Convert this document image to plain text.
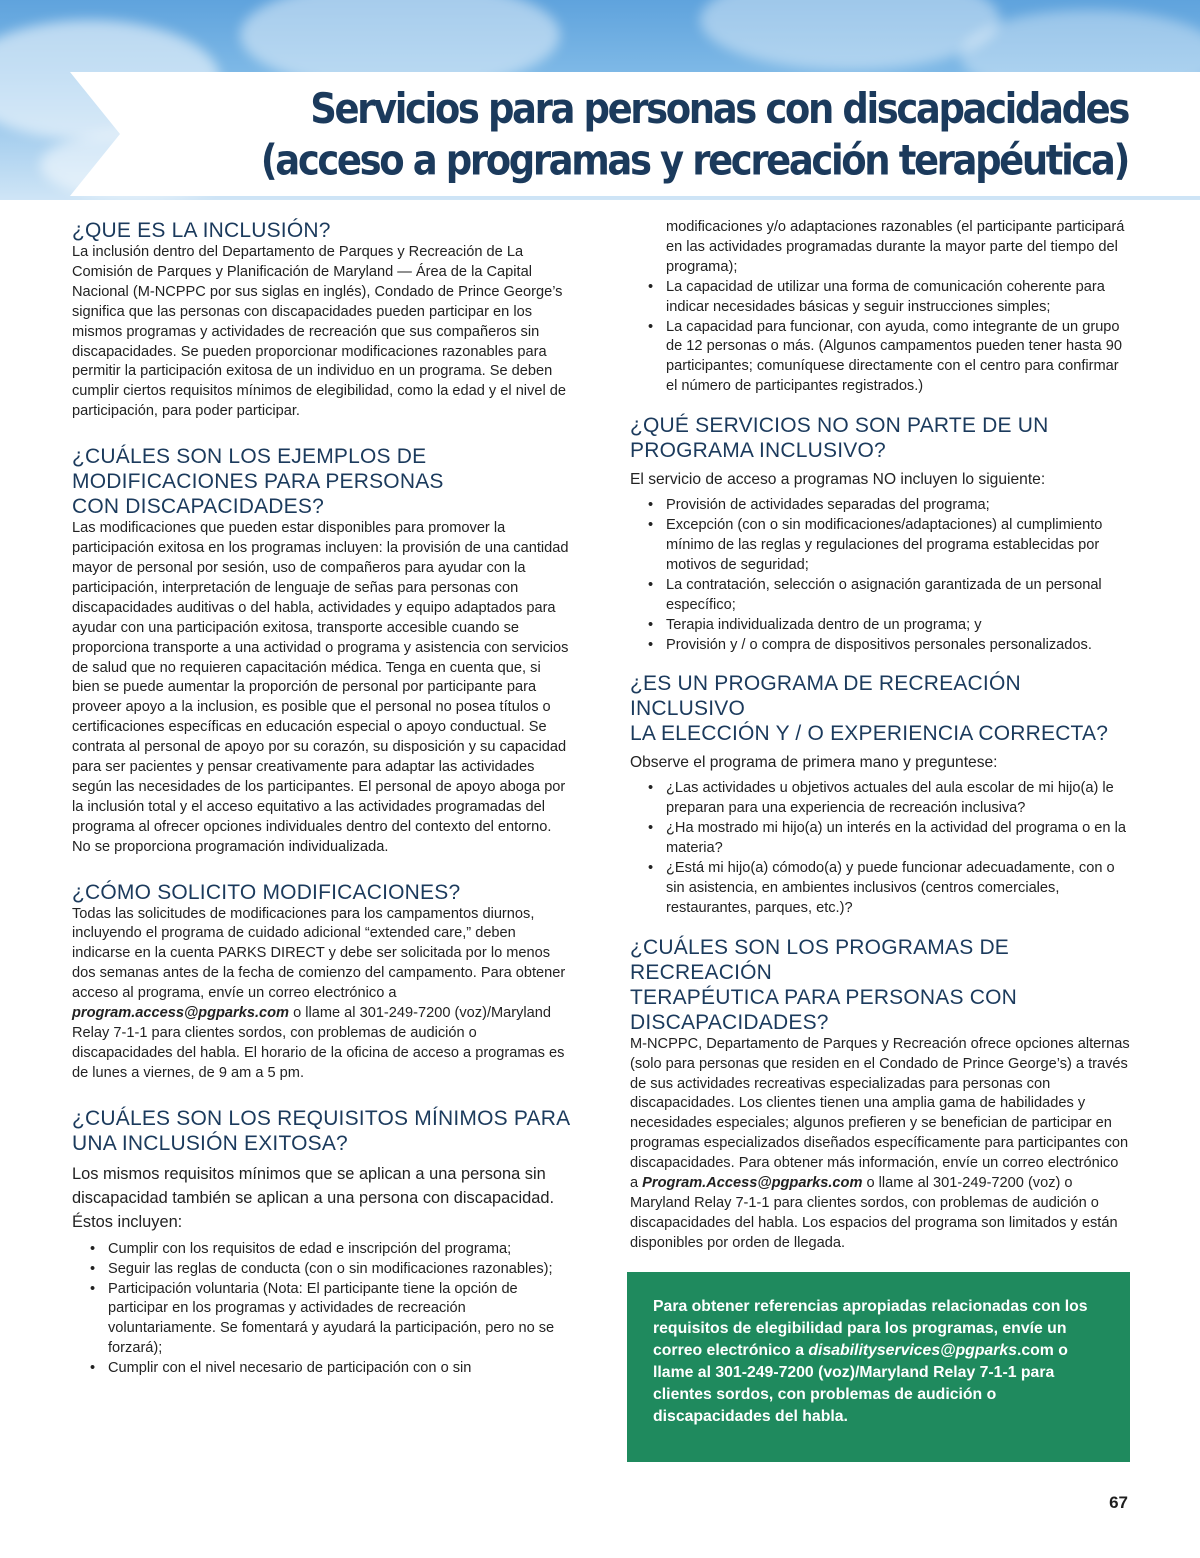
Servicios para personas con discapacidades
(acceso a programas y recreación terapéutica)
¿QUE ES LA INCLUSIÓN?

La inclusión dentro del Departamento de Parques y Recreación de La Comisión de Parques y Planificación de Maryland — Área de la Capital Nacional (M-NCPPC por sus siglas en inglés), Condado de Prince George’s significa que las personas con discapacidades pueden participar en los mismos programas y actividades de recreación que sus compañeros sin discapacidades. Se pueden proporcionar modificaciones razonables para permitir la participación exitosa de un individuo en un programa. Se deben cumplir ciertos requisitos mínimos de elegibilidad, como la edad y el nivel de participación, para poder participar.

¿CUÁLES SON LOS EJEMPLOS DE
MODIFICACIONES PARA PERSONAS
CON DISCAPACIDADES?

Las modificaciones que pueden estar disponibles para promover la participación exitosa en los programas incluyen: la provisión de una cantidad mayor de personal por sesión, uso de compañeros para ayudar con la participación, interpretación de lenguaje de señas para personas con discapacidades auditivas o del habla, actividades y equipo adaptados para ayudar con una participación exitosa, transporte accesible cuando se proporciona transporte a una actividad o programa y asistencia con servicios de salud que no requieren capacitación médica. Tenga en cuenta que, si bien se puede aumentar la proporción de personal por participante para proveer apoyo a la inclusion, es posible que el personal no posea títulos o certificaciones específicas en educación especial o apoyo conductual. Se contrata al personal de apoyo por su corazón, su disposición y su capacidad para ser pacientes y pensar creativamente para adaptar las actividades según las necesidades de los participantes. El personal de apoyo aboga por la inclusión total y el acceso equitativo a las actividades programadas del programa al ofrecer opciones individuales dentro del contexto del entorno. No se proporciona programación individualizada.

¿CÓMO SOLICITO MODIFICACIONES?

Todas las solicitudes de modificaciones para los campamentos diurnos, incluyendo el programa de cuidado adicional “extended care,” deben indicarse en la cuenta PARKS DIRECT y debe ser solicitada por lo menos dos semanas antes de la fecha de comienzo del campamento. Para obtener acceso al programa, envíe un correo electrónico a program.access@pgparks.com o llame al 301-249-7200 (voz)/Maryland Relay 7-1-1 para clientes sordos, con problemas de audición o discapacidades del habla. El horario de la oficina de acceso a programas es de lunes a viernes, de 9 am a 5 pm.

¿CUÁLES SON LOS REQUISITOS MÍNIMOS PARA
UNA INCLUSIÓN EXITOSA?

Los mismos requisitos mínimos que se aplican a una persona sin discapacidad también se aplican a una persona con discapacidad. Éstos incluyen:

• Cumplir con los requisitos de edad e inscripción del programa;
• Seguir las reglas de conducta (con o sin modificaciones razonables);
• Participación voluntaria (Nota: El participante tiene la opción de participar en los programas y actividades de recreación voluntariamente. Se fomentará y ayudará la participación, pero no se forzará);
• Cumplir con el nivel necesario de participación con o sin

modificaciones y/o adaptaciones razonables (el participante participará en las actividades programadas durante la mayor parte del tiempo del programa);

• La capacidad de utilizar una forma de comunicación coherente para indicar necesidades básicas y seguir instrucciones simples;
• La capacidad para funcionar, con ayuda, como integrante de un grupo de 12 personas o más. (Algunos campamentos pueden tener hasta 90 participantes; comuníquese directamente con el centro para confirmar el número de participantes registrados.)
¿QUÉ SERVICIOS NO SON PARTE DE UN
PROGRAMA INCLUSIVO?

El servicio de acceso a programas NO incluyen lo siguiente:

• Provisión de actividades separadas del programa;
• Excepción (con o sin modificaciones/adaptaciones) al cumplimiento mínimo de las reglas y regulaciones del programa establecidas por motivos de seguridad;
• La contratación, selección o asignación garantizada de un personal específico;
• Terapia individualizada dentro de un programa; y
• Provisión y / o compra de dispositivos personales personalizados.
¿ES UN PROGRAMA DE RECREACIÓN INCLUSIVO
LA ELECCIÓN Y / O EXPERIENCIA CORRECTA?

Observe el programa de primera mano y preguntese:

• ¿Las actividades u objetivos actuales del aula escolar de mi hijo(a) le preparan para una experiencia de recreación inclusiva?
• ¿Ha mostrado mi hijo(a) un interés en la actividad del programa o en la materia?
• ¿Está mi hijo(a) cómodo(a) y puede funcionar adecuadamente, con o sin asistencia, en ambientes inclusivos (centros comerciales, restaurantes, parques, etc.)?
¿CUÁLES SON LOS PROGRAMAS DE RECREACIÓN
TERAPÉUTICA PARA PERSONAS CON
DISCAPACIDADES?

M-NCPPC, Departamento de Parques y Recreación ofrece opciones alternas (solo para personas que residen en el Condado de Prince George’s) a través de sus actividades recreativas especializadas para personas con discapacidades. Los clientes tienen una amplia gama de habilidades y necesidades especiales; algunos prefieren y se benefician de participar en programas especializados diseñados específicamente para participantes con discapacidades. Para obtener más información, envíe un correo electrónico a Program.Access@pgparks.com o llame al 301-249-7200 (voz) o Maryland Relay 7-1-1 para clientes sordos, con problemas de audición o discapacidades del habla. Los espacios del programa son limitados y están disponibles por orden de llegada.

Para obtener referencias apropiadas relacionadas con los requisitos de elegibilidad para los programas, envíe un correo electrónico a disabilityservices@pgparks.com o llame al 301-249-7200 (voz)/Maryland Relay 7-1-1 para clientes sordos, con problemas de audición o discapacidades del habla.

67
